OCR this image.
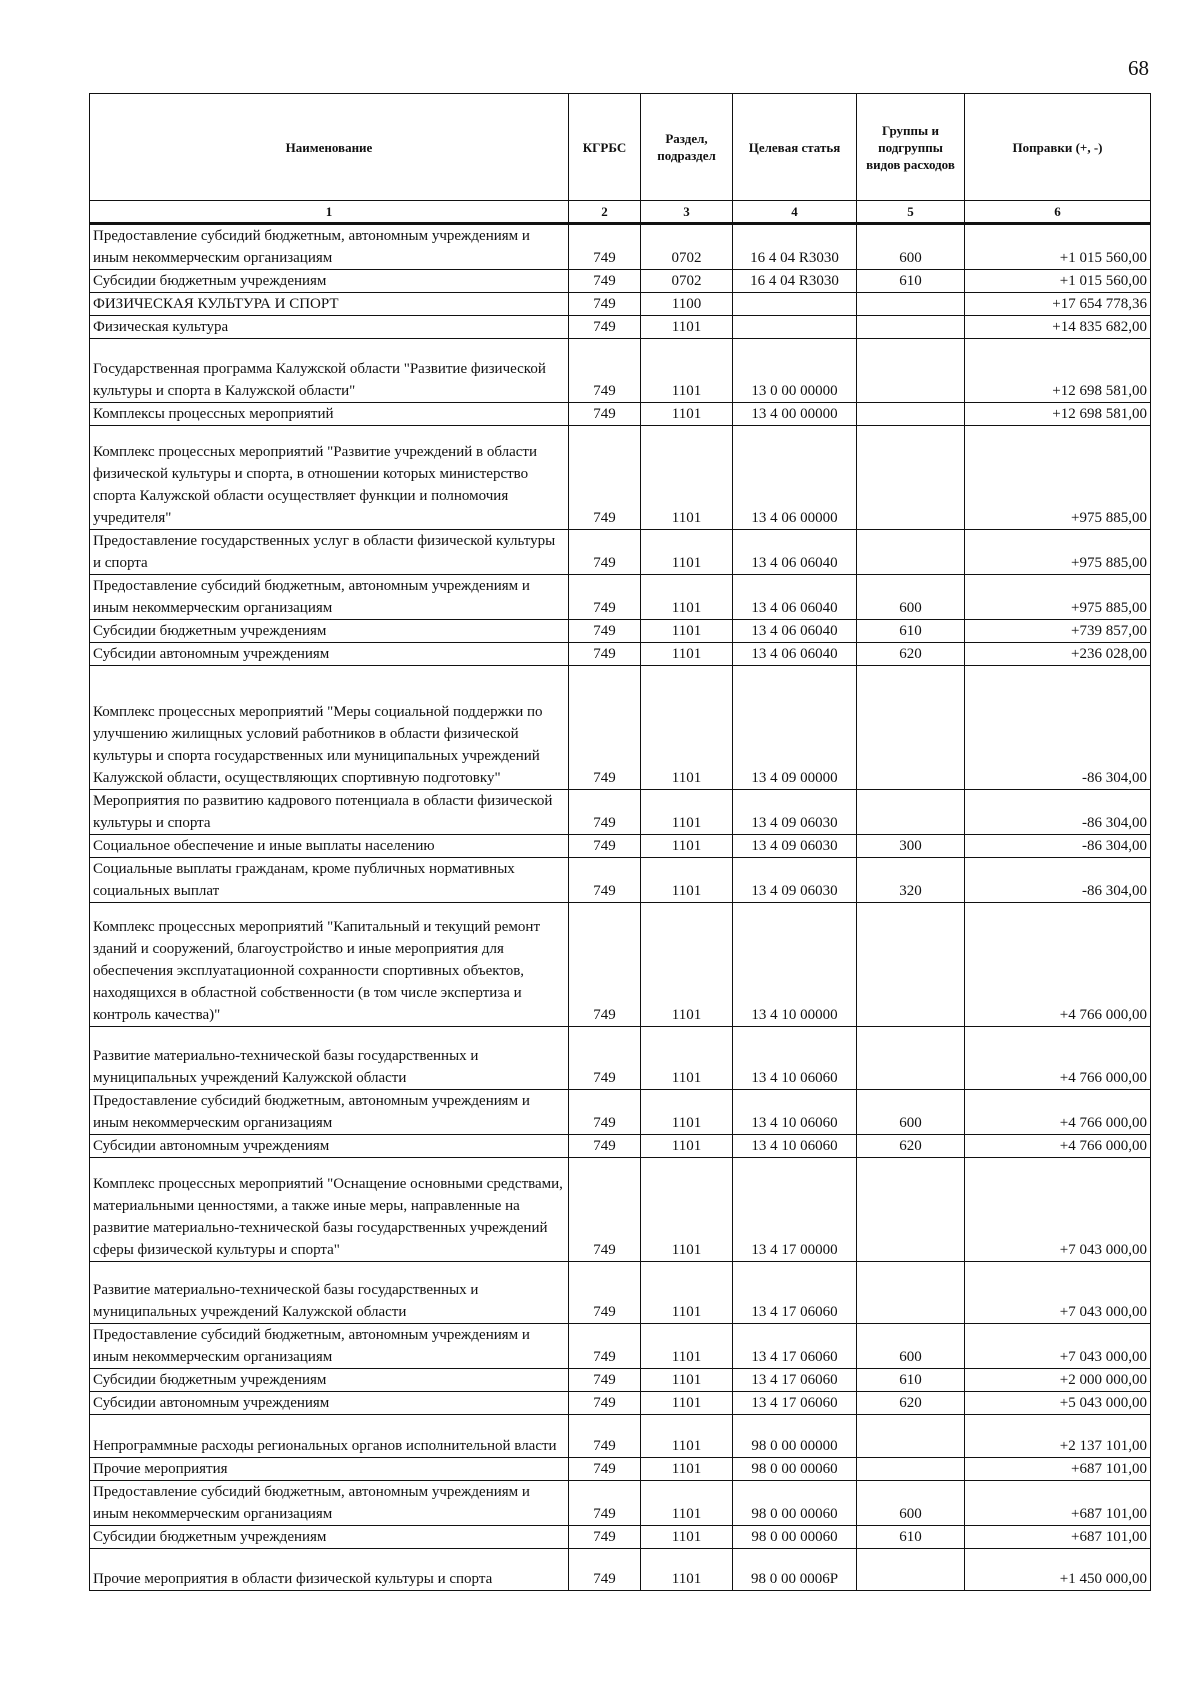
68
Наименование	КГРБС	Раздел, подраздел	Целевая статья	Группы и подгруппы видов расходов	Поправки (+, -)
1	2	3	4	5	6
Предоставление субсидий бюджетным, автономным учреждениям и иным некоммерческим организациям	749	0702	16 4 04 R3030	600	+1 015 560,00
Субсидии бюджетным учреждениям	749	0702	16 4 04 R3030	610	+1 015 560,00
ФИЗИЧЕСКАЯ КУЛЬТУРА И СПОРТ	749	1100			+17 654 778,36
Физическая культура	749	1101			+14 835 682,00
Государственная программа Калужской области "Развитие физической культуры и спорта в Калужской области"	749	1101	13 0 00 00000		+12 698 581,00
Комплексы процессных мероприятий	749	1101	13 4 00 00000		+12 698 581,00
Комплекс процессных мероприятий "Развитие учреждений в области физической культуры и спорта, в отношении которых министерство спорта Калужской области осуществляет функции и полномочия учредителя"	749	1101	13 4 06 00000		+975 885,00
Предоставление государственных услуг в области физической культуры и спорта	749	1101	13 4 06 06040		+975 885,00
Предоставление субсидий бюджетным, автономным учреждениям и иным некоммерческим организациям	749	1101	13 4 06 06040	600	+975 885,00
Субсидии бюджетным учреждениям	749	1101	13 4 06 06040	610	+739 857,00
Субсидии автономным учреждениям	749	1101	13 4 06 06040	620	+236 028,00
Комплекс процессных мероприятий "Меры социальной поддержки по улучшению жилищных условий работников в области физической культуры и спорта государственных или муниципальных учреждений Калужской области, осуществляющих спортивную подготовку"	749	1101	13 4 09 00000		-86 304,00
Мероприятия по развитию кадрового потенциала в области физической культуры и спорта	749	1101	13 4 09 06030		-86 304,00
Социальное обеспечение и иные выплаты населению	749	1101	13 4 09 06030	300	-86 304,00
Социальные выплаты гражданам, кроме публичных нормативных социальных выплат	749	1101	13 4 09 06030	320	-86 304,00
Комплекс процессных мероприятий "Капитальный и текущий ремонт зданий и сооружений, благоустройство и иные мероприятия для обеспечения эксплуатационной сохранности спортивных объектов, находящихся в областной собственности (в том числе экспертиза и контроль качества)"	749	1101	13 4 10 00000		+4 766 000,00
Развитие материально-технической базы государственных и муниципальных учреждений Калужской области	749	1101	13 4 10 06060		+4 766 000,00
Предоставление субсидий бюджетным, автономным учреждениям и иным некоммерческим организациям	749	1101	13 4 10 06060	600	+4 766 000,00
Субсидии автономным учреждениям	749	1101	13 4 10 06060	620	+4 766 000,00
Комплекс процессных мероприятий "Оснащение основными средствами, материальными ценностями, а также иные меры, направленные на развитие материально-технической базы государственных учреждений сферы физической культуры и спорта"	749	1101	13 4 17 00000		+7 043 000,00
Развитие материально-технической базы государственных и муниципальных учреждений Калужской области	749	1101	13 4 17 06060		+7 043 000,00
Предоставление субсидий бюджетным, автономным учреждениям и иным некоммерческим организациям	749	1101	13 4 17 06060	600	+7 043 000,00
Субсидии бюджетным учреждениям	749	1101	13 4 17 06060	610	+2 000 000,00
Субсидии автономным учреждениям	749	1101	13 4 17 06060	620	+5 043 000,00
Непрограммные расходы региональных органов исполнительной власти	749	1101	98 0 00 00000		+2 137 101,00
Прочие мероприятия	749	1101	98 0 00 00060		+687 101,00
Предоставление субсидий бюджетным, автономным учреждениям и иным некоммерческим организациям	749	1101	98 0 00 00060	600	+687 101,00
Субсидии бюджетным учреждениям	749	1101	98 0 00 00060	610	+687 101,00
Прочие мероприятия в области физической культуры и спорта	749	1101	98 0 00 0006Р		+1 450 000,00
